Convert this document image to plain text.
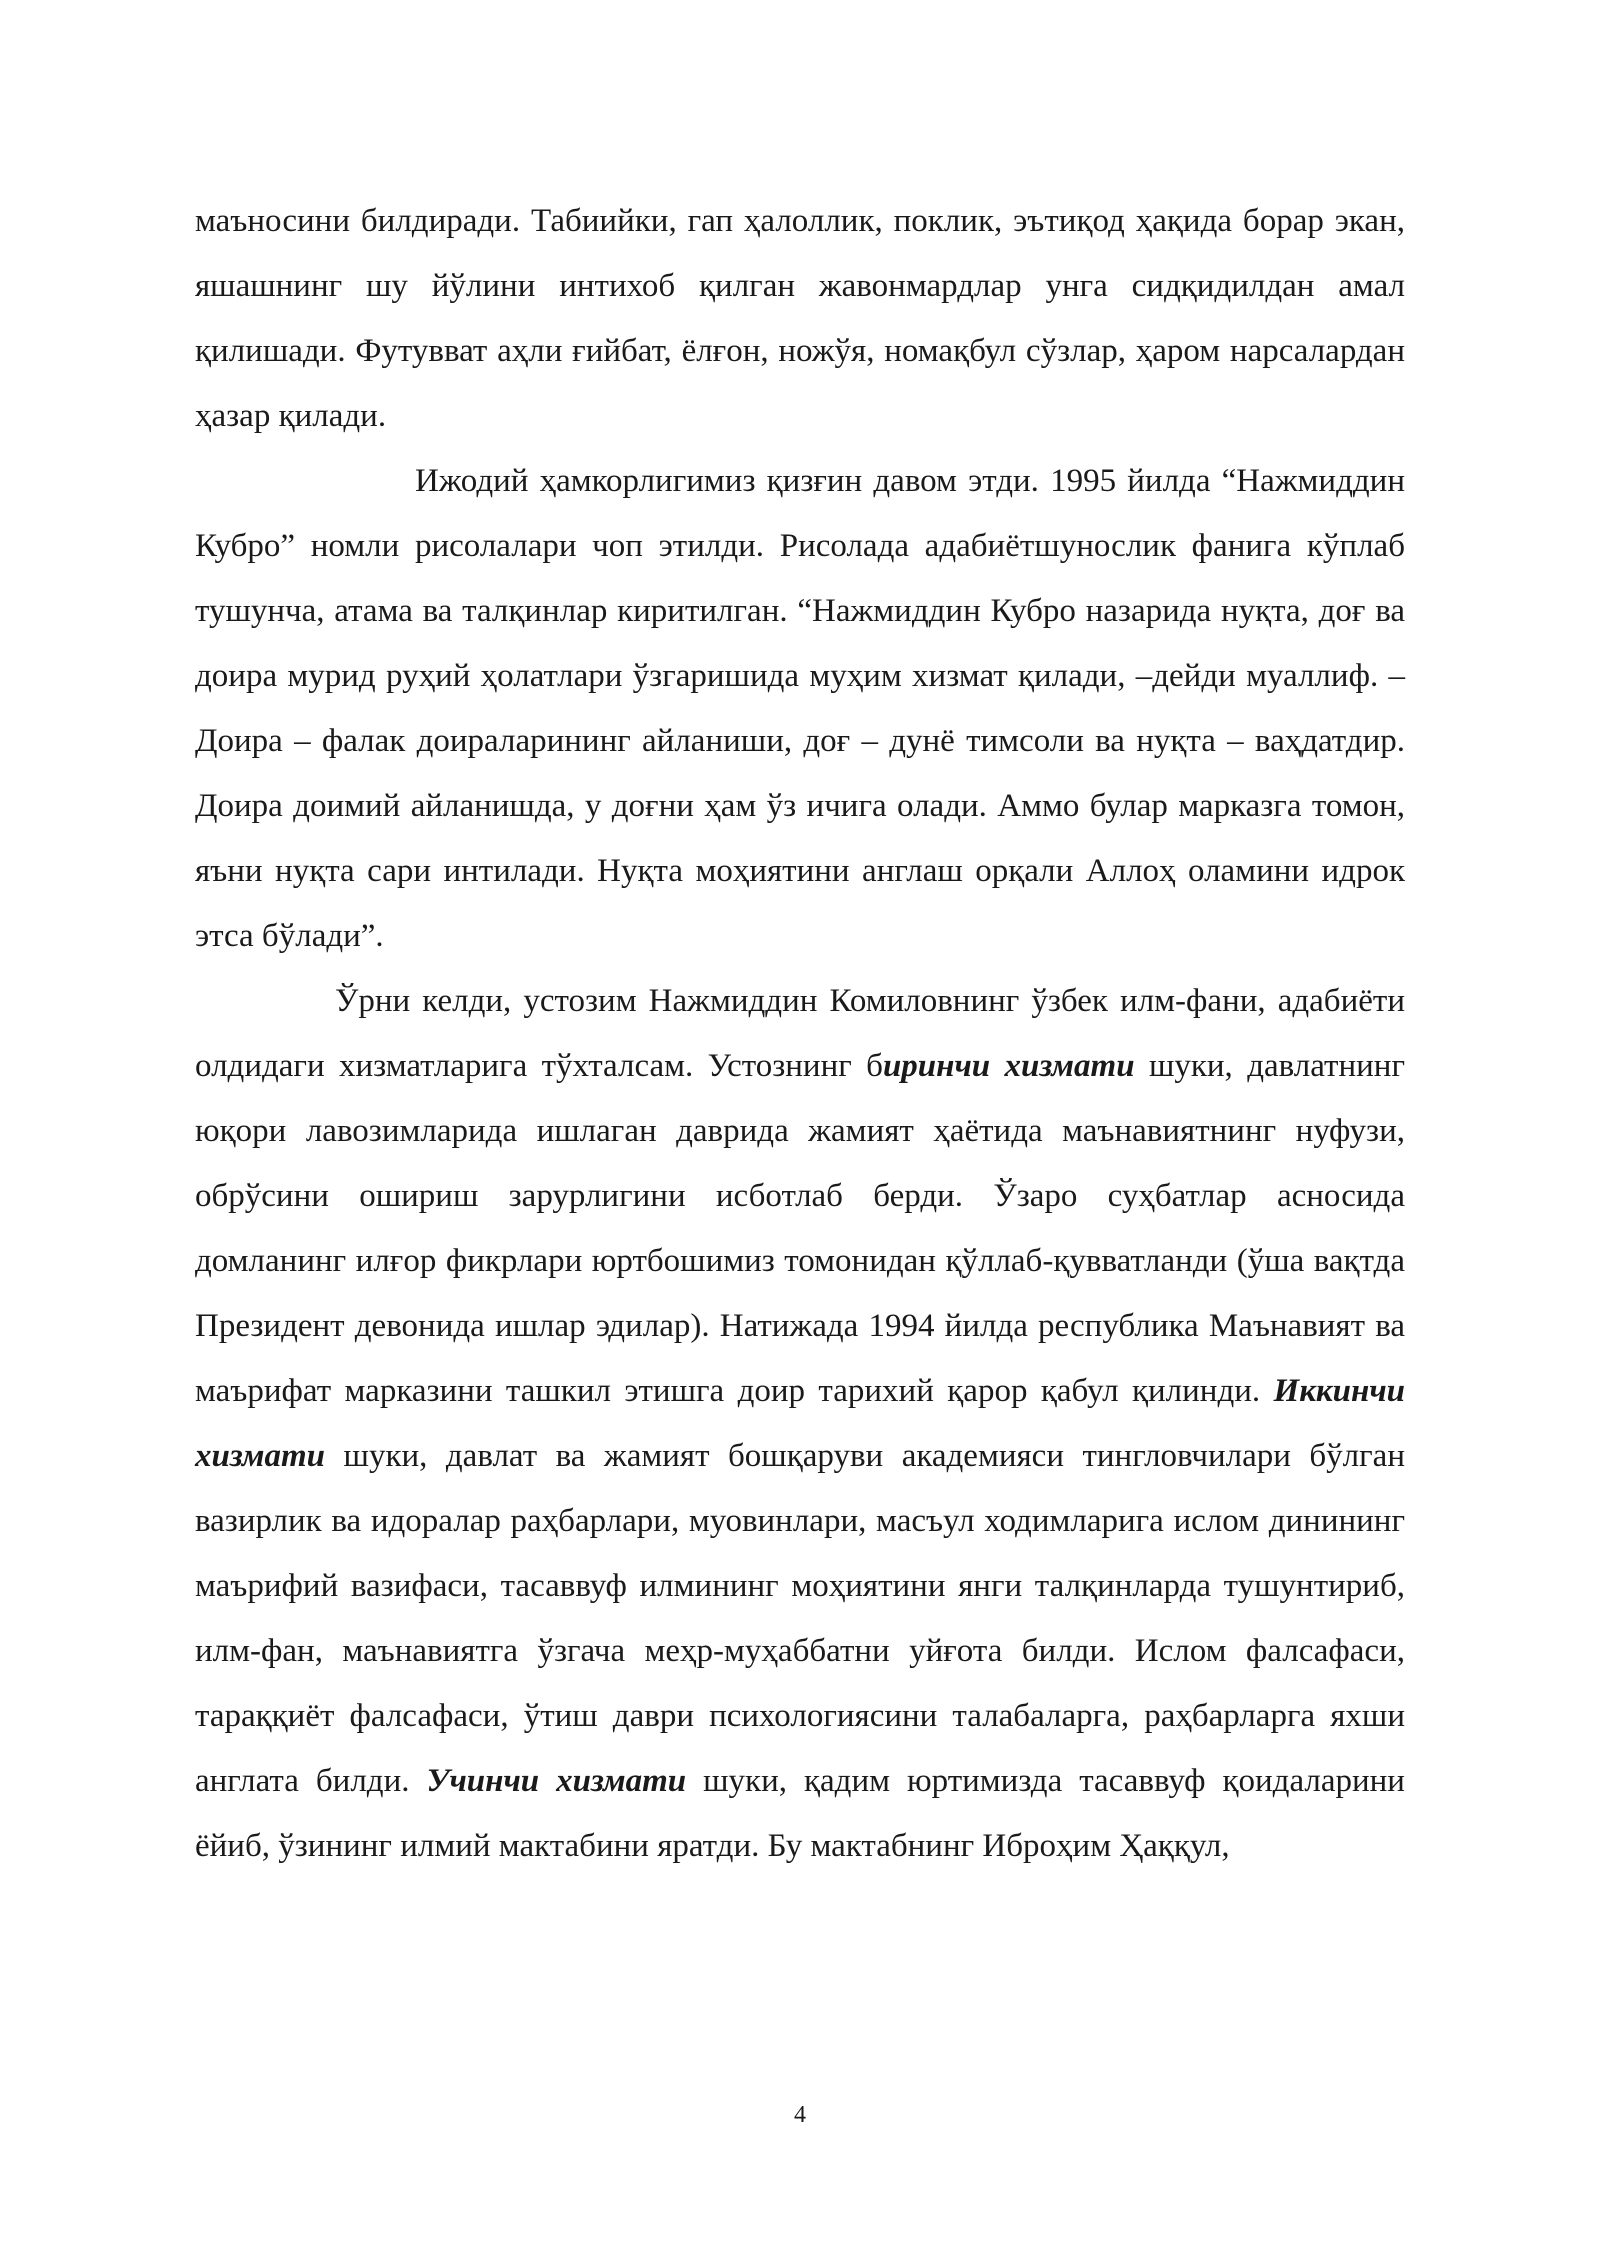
маъносини билдиради. Табиийки, гап ҳалоллик, поклик, эътиқод ҳақида борар экан, яшашнинг шу йўлини интихоб қилган жавонмардлар унга сидқидилдан амал қилишади. Футувват аҳли ғийбат, ёлғон, ножўя, номақбул сўзлар, ҳаром нарсалардан ҳазар қилади.

Ижодий ҳамкорлигимиз қизғин давом этди. 1995 йилда “Нажмиддин Кубро” номли рисолалари чоп этилди. Рисолада адабиётшунослик фанига кўплаб тушунча, атама ва талқинлар киритилган. “Нажмиддин Кубро назарида нуқта, доғ ва доира мурид руҳий ҳолатлари ўзгаришида муҳим хизмат қилади, –дейди муаллиф. – Доира – фалак доираларининг айланиши, доғ – дунё тимсоли ва нуқта – ваҳдатдир. Доира доимий айланишда, у доғни ҳам ўз ичига олади. Аммо булар марказга томон, яъни нуқта сари интилади. Нуқта моҳиятини англаш орқали Аллоҳ оламини идрок этса бўлади”.

Ўрни келди, устозим Нажмиддин Комиловнинг ўзбек илм-фани, адабиёти олдидаги хизматларига тўхталсам. Устознинг биринчи хизмати шуки, давлатнинг юқори лавозимларида ишлаган даврида жамият ҳаётида маънавиятнинг нуфузи, обрўсини ошириш зарурлигини исботлаб берди. Ўзаро суҳбатлар асносида домланинг илғор фикрлари юртбошимиз томонидан қўллаб-қувватланди (ўша вақтда Президент девонида ишлар эдилар). Натижада 1994 йилда республика Маънавият ва маърифат марказини ташкил этишга доир тарихий қарор қабул қилинди. Иккинчи хизмати шуки, давлат ва жамият бошқаруви академияси тингловчилари бўлган вазирлик ва идоралар раҳбарлари, муовинлари, масъул ходимларига ислом динининг маърифий вазифаси, тасаввуф илмининг моҳиятини янги талқинларда тушунтириб, илм-фан, маънавиятга ўзгача меҳр-муҳаббатни уйғота билди. Ислом фалсафаси, тараққиёт фалсафаси, ўтиш даври психологиясини талабаларга, раҳбарларга яхши англата билди. Учинчи хизмати шуки, қадим юртимизда тасаввуф қоидаларини ёйиб, ўзининг илмий мактабини яратди. Бу мактабнинг Иброҳим Ҳаққул,

4
